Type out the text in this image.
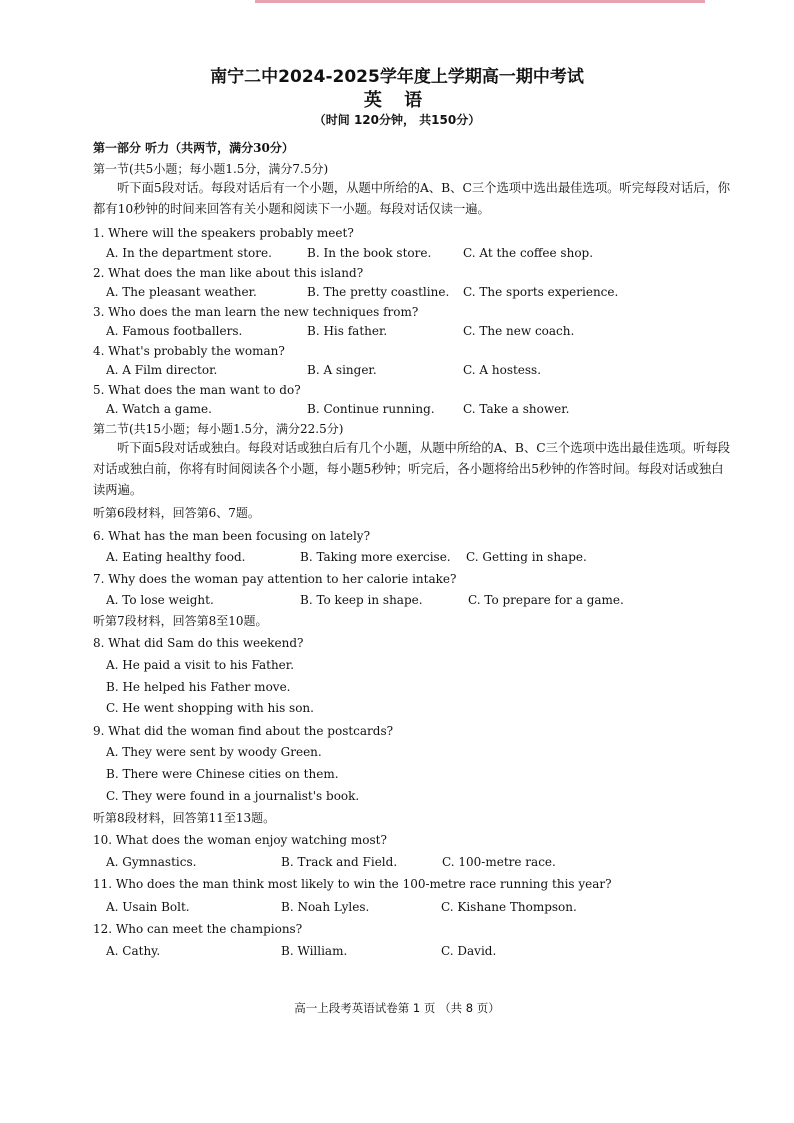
南宁二中2024-2025学年度上学期高一期中考试
英 语
（时间 120分钟， 共150分）
第一部分 听力（共两节，满分30分）
第一节(共5小题；每小题1.5分，满分7.5分)
听下面5段对话。每段对话后有一个小题，从题中所给的A、B、C三个选项中选出最佳选项。听完每段对话后，你都有10秒钟的时间来回答有关小题和阅读下一小题。每段对话仅读一遍。
1. Where will the speakers probably meet?
A. In the department store.	B. In the book store.	C. At the coffee shop.
2. What does the man like about this island?
A. The pleasant weather.	B. The pretty coastline. C. The sports experience.
3. Who does the man learn the new techniques from?
A. Famous footballers.	B. His father.	C. The new coach.
4. What's probably the woman?
A. A Film director.	B. A singer.	C. A hostess.
5. What does the man want to do?
A. Watch a game.	B. Continue running. C. Take a shower.
第二节(共15小题；每小题1.5分，满分22.5分)
听下面5段对话或独白。每段对话或独白后有几个小题，从题中所给的A、B、C三个选项中选出最佳选项。听每段对话或独白前，你将有时间阅读各个小题，每小题5秒钟；听完后，各小题将给出5秒钟的作答时间。每段对话或独白读两遍。
听第6段材料，回答第6、7题。
6. What has the man been focusing on lately?
A. Eating healthy food.	B. Taking more exercise. C. Getting in shape.
7. Why does the woman pay attention to her calorie intake?
A. To lose weight.	B. To keep in shape.	C. To prepare for a game.
听第7段材料，回答第8至10题。
8. What did Sam do this weekend?
A. He paid a visit to his Father.
B. He helped his Father move.
C. He went shopping with his son.
9. What did the woman find about the postcards?
A. They were sent by woody Green.
B. There were Chinese cities on them.
C. They were found in a journalist's book.
听第8段材料，回答第11至13题。
10. What does the woman enjoy watching most?
A. Gymnastics.	B. Track and Field.	C. 100-metre race.
11. Who does the man think most likely to win the 100-metre race running this year?
A. Usain Bolt.	B. Noah Lyles.	C. Kishane Thompson.
12. Who can meet the champions?
A. Cathy.	B. William.	C. David.
高一上段考英语试卷第 1 页 （共 8 页）
